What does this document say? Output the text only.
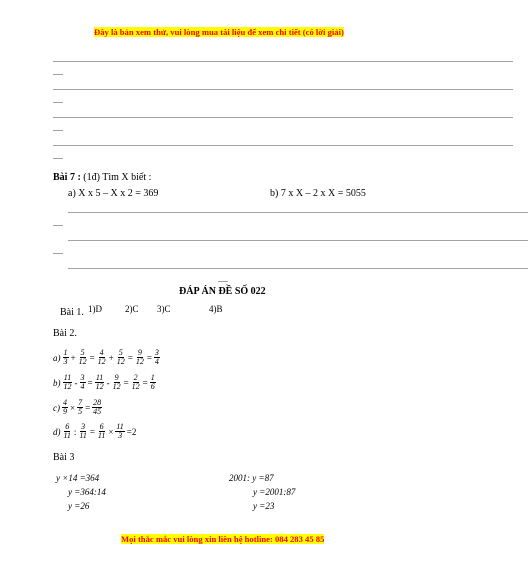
Đây là bản xem thử, vui lòng mua tài liệu để xem chi tiết (có lời giải)
......................................................................................................................................................................................................................................
.....
......................................................................................................................................................................................................................................
.....
......................................................................................................................................................................................................................................
.....
......................................................................................................................................................................................................................................
.....
Bài 7 : (1đ) Tìm X biết :
a) X x 5 – X x 2 = 369	b) 7 x X – 2 x X = 5055
......................................................................................................................................................................................................................................
.....
......................................................................................................................................................................................................................................
.....
......................................................................................................................................................................................................................................
.....
ĐÁP ÁN ĐỀ SỐ 022
Bài 1. 1)D	2)C 3)C	4)B
Bài 2.
$a) \frac{1}{3} + \frac{5}{12} = \frac{4}{12} + \frac{5}{12} = \frac{9}{12} = \frac{3}{4}$
$b) \frac{11}{12} - \frac{3}{4} = \frac{11}{12} - \frac{9}{12} = \frac{2}{12} = \frac{1}{6}$
$c) \frac{4}{9} \times \frac{7}{5} = \frac{28}{45}$
$d) \frac{6}{11}$ : $\frac{3}{11} = \frac{6}{11} \times \frac{11}{3} =2$
Bài 3
y ×14 =364
y =364:14
y =26
2001: y =87
y =2001:87
y =23
Mọi thắc mắc vui lòng xin liên hệ hotline: 084 283 45 85
